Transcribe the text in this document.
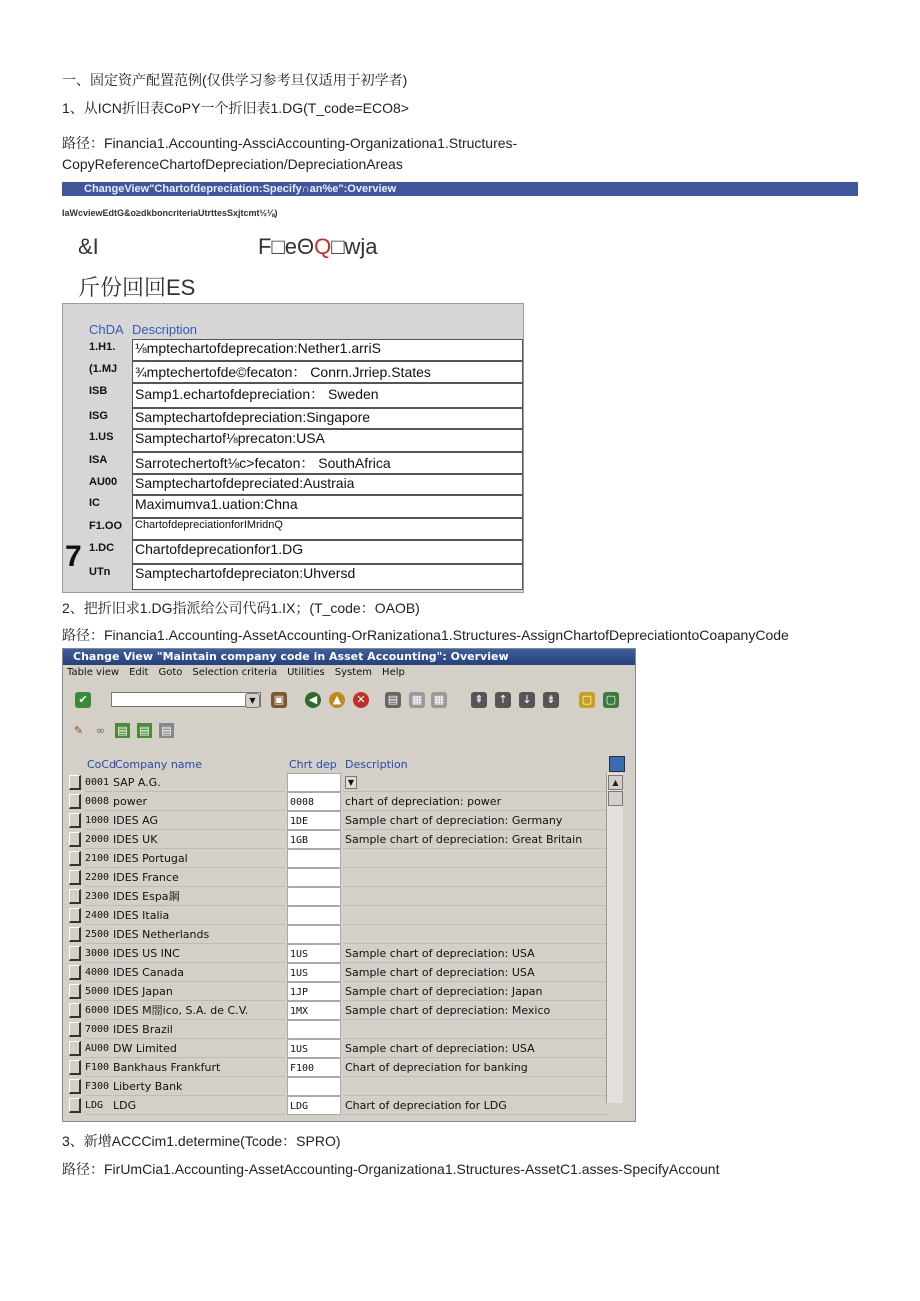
一、固定资产配置范例(仅供学习参考旦仅适用于初学者)
1、从ICN折旧表CoPY一个折旧表1.DG(T_code=ECO8>
路径：Financia1.Accounting-AssciAccounting-Organizationa1.Structures-
CopyReferenceChartofDepreciation/DepreciationAreas
ChangeView"Chartofdepreciation:Specify∩an%e":Overview
IaWcviewEdtG&o≥dkboncriteriaUtrttesSxjtcmt½⅛)
&I	F□eΘQ□wja
斤份回回ES
ChDA Description
1.H1. ⅛mptechartofdeprecation:Nether1.arriS
(1.MJ ¾mptechertofde©fecaton： Conrn.Jrriep.States
ISB Samp1.echartofdepreciation： Sweden
ISG Samptechartofdepreciation:Singapore
1.US Samptechartof⅛precaton:USA
ISA Sarrotechertoft⅛c>fecaton： SouthAfrica
AU00 Samptechartofdepreciated:Austraia
IC	Maximumva1.uation:Chna
F1.OO ChartofdepreciationforIMridnQ
1.DC Chartofdeprecationfor1.DG
UTn Samptechartofdepreciaton:Uhversd
7
2、把折旧求1.DG指派给公司代码1.IX；(T_code：OAOB)
路径：Financia1.Accounting-AssetAccounting-OrRanizationa1.Structures-AssignChartofDepreciationtoCoapanyCode
Change View "Maintain company code in Asset Accounting": Overview
Table view Edit Goto Selection criteria Utilities System Help
✔	▼	▣	◀	▲	✕	▤ ▦ ▦	⇞	↑	↓	⇟	▢ ▢
✎ ∞ ▤ ▤ ▤
CoCd
Company name	Chrt dep Description
0001 SAP A.G.	▼
0008 power	0008	chart of depreciation: power
1000 IDES AG	1DE	Sample chart of depreciation: Germany
2000 IDES UK	1GB	Sample chart of depreciation: Great Britain
2100 IDES Portugal
2200 IDES France
2300 IDES Espa鋼
2400 IDES Italia
2500 IDES Netherlands
3000 IDES US INC	1US	Sample chart of depreciation: USA
4000 IDES Canada	1US	Sample chart of depreciation: USA
5000 IDES Japan	1JP	Sample chart of depreciation: Japan
6000 IDES M閤ico, S.A. de C.V.	1MX	Sample chart of depreciation: Mexico
7000 IDES Brazil
AU00 DW Limited	1US	Sample chart of depreciation: USA
F100 Bankhaus Frankfurt	F100	Chart of depreciation for banking
F300 Liberty Bank
LDG LDG	LDG	Chart of depreciation for LDG
▲
3、新增ACCCim1.determine(Tcode：SPRO)
路径：FirUmCia1.Accounting-AssetAccounting-Organizationa1.Structures-AssetC1.asses-SpecifyAccount
